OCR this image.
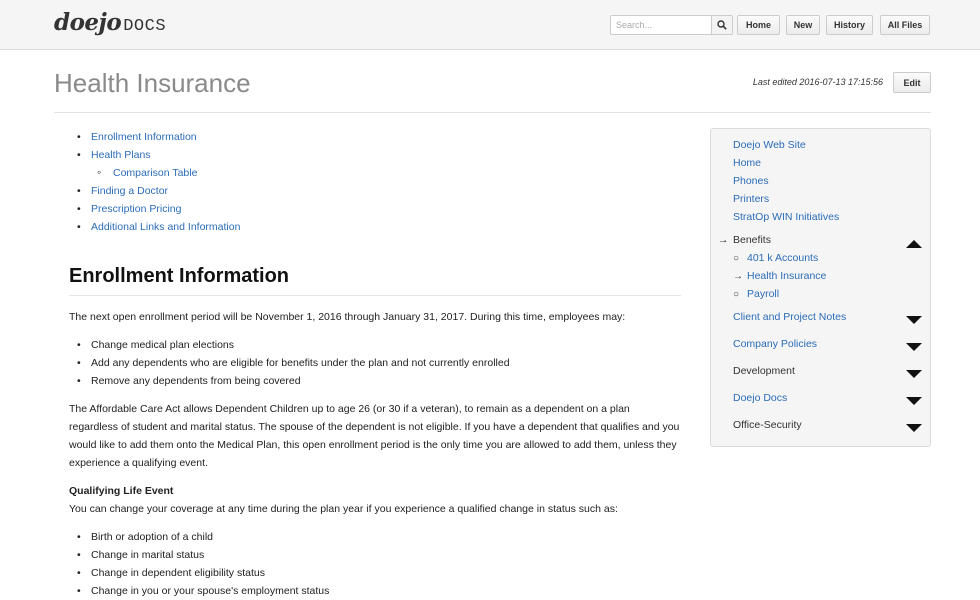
doejo DOCS
Search...	Home	New	History	All Files
Health Insurance	Last edited 2016-07-13 17:15:56	Edit
• Enrollment Information
• Health Plans
◦ Comparison Table
• Finding a Doctor
• Prescription Pricing
• Additional Links and Information
Enrollment Information

The next open enrollment period will be November 1, 2016 through January 31, 2017. During this time, employees may:

• Change medical plan elections
• Add any dependents who are eligible for benefits under the plan and not currently enrolled
• Remove any dependents from being covered

The Affordable Care Act allows Dependent Children up to age 26 (or 30 if a veteran), to remain as a dependent on a plan regardless of student and marital status. The spouse of the dependent is not eligible. If you have a dependent that qualifies and you would like to add them onto the Medical Plan, this open enrollment period is the only time you are allowed to add them, unless they experience a qualifying event.

Qualifying Life Event

You can change your coverage at any time during the plan year if you experience a qualified change in status such as:

• Birth or adoption of a child
• Change in marital status
• Change in dependent eligibility status
• Change in you or your spouse's employment status
Doejo Web Site
Home
Phones
Printers
StratOp WIN Initiatives
→ Benefits
○ 401 k Accounts
→ Health Insurance
○ Payroll
Client and Project Notes
Company Policies
Development
Doejo Docs
Office-Security
